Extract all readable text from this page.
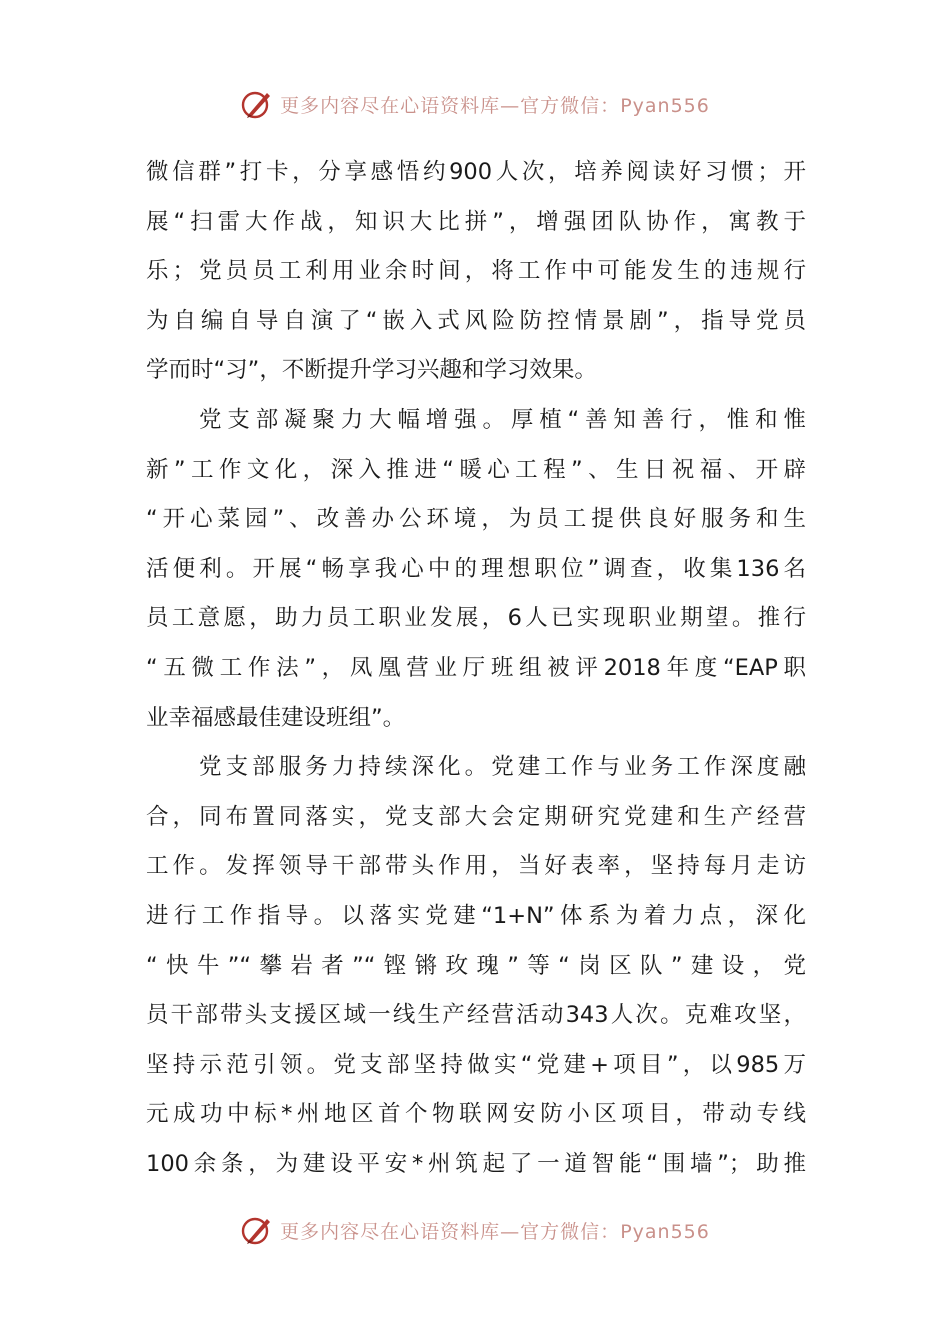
更多内容尽在心语资料库—官方微信：Pyan556
微信群”打卡，分享感悟约900人次，培养阅读好习惯；开
展“扫雷大作战，知识大比拼”，增强团队协作，寓教于
乐；党员员工利用业余时间，将工作中可能发生的违规行
为自编自导自演了“嵌入式风险防控情景剧”，指导党员
学而时“习”，不断提升学习兴趣和学习效果。
党支部凝聚力大幅增强。厚植“善知善行，惟和惟
新”工作文化，深入推进“暖心工程”、生日祝福、开辟
“开心菜园”、改善办公环境，为员工提供良好服务和生
活便利。开展“畅享我心中的理想职位”调查，收集136名
员工意愿，助力员工职业发展，6人已实现职业期望。推行
“五微工作法”，凤凰营业厅班组被评2018年度“EAP职
业幸福感最佳建设班组”。
党支部服务力持续深化。党建工作与业务工作深度融
合，同布置同落实，党支部大会定期研究党建和生产经营
工作。发挥领导干部带头作用，当好表率，坚持每月走访
进行工作指导。以落实党建“1+N”体系为着力点，深化
“快牛”“攀岩者”“铿锵玫瑰”等“岗区队”建设，党
员干部带头支援区域一线生产经营活动343人次。克难攻坚，
坚持示范引领。党支部坚持做实“党建+项目”，以985万
元成功中标*州地区首个物联网安防小区项目，带动专线
100余条，为建设平安*州筑起了一道智能“围墙”；助推
更多内容尽在心语资料库—官方微信：Pyan556
